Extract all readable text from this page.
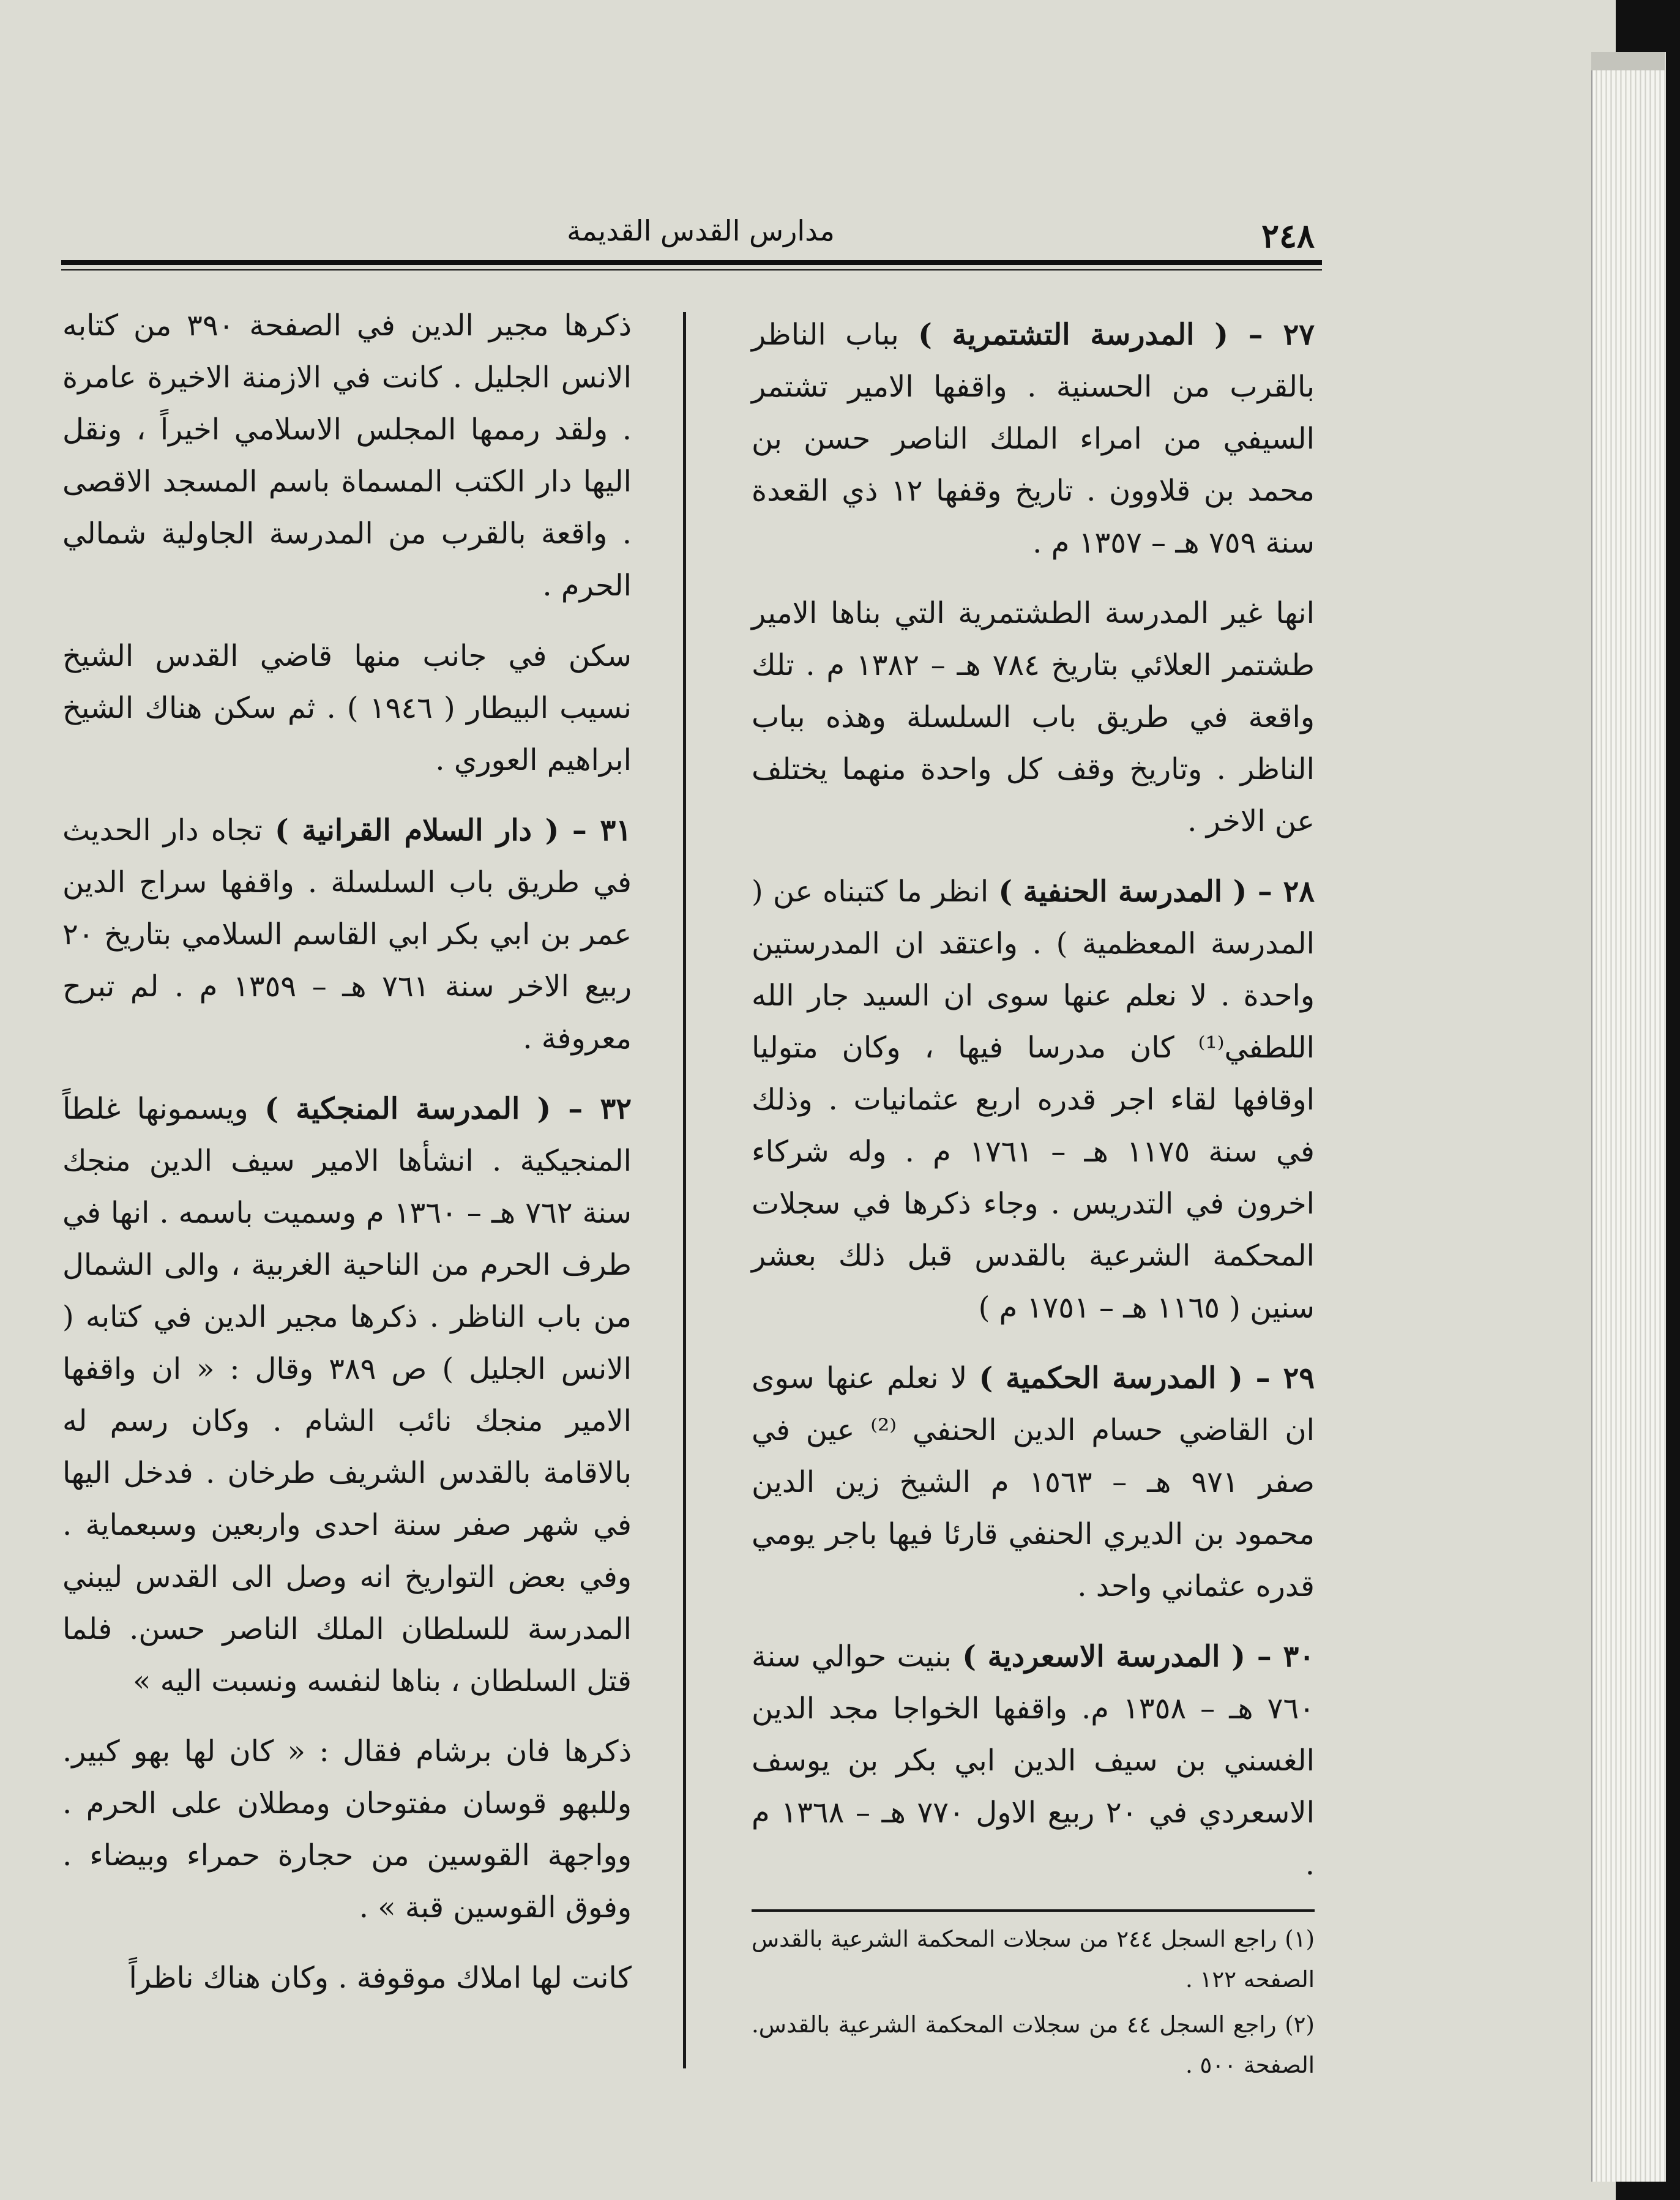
٢٤٨
مدارس القدس القديمة

٢٧ – ( المدرسة التشتمرية ) بباب الناظر بالقرب من الحسنية . واقفها الامير تشتمر السيفي من امراء الملك الناصر حسن بن محمد بن قلاوون . تاريخ وقفها ١٢ ذي القعدة سنة ٧٥٩ هـ – ١٣٥٧ م .

انها غير المدرسة الطشتمرية التي بناها الامير طشتمر العلائي بتاريخ ٧٨٤ هـ – ١٣٨٢ م . تلك واقعة في طريق باب السلسلة وهذه بباب الناظر . وتاريخ وقف كل واحدة منهما يختلف عن الاخر .

٢٨ – ( المدرسة الحنفية ) انظر ما كتبناه عن ( المدرسة المعظمية ) . واعتقد ان المدرستين واحدة . لا نعلم عنها سوى ان السيد جار الله اللطفي⁽¹⁾ كان مدرسا فيها ، وكان متوليا اوقافها لقاء اجر قدره اربع عثمانيات . وذلك في سنة ١١٧٥ هـ – ١٧٦١ م . وله شركاء اخرون في التدريس . وجاء ذكرها في سجلات المحكمة الشرعية بالقدس قبل ذلك بعشر سنين ( ١١٦٥ هـ – ١٧٥١ م )

٢٩ – ( المدرسة الحكمية ) لا نعلم عنها سوى ان القاضي حسام الدين الحنفي ⁽²⁾ عين في صفر ٩٧١ هـ – ١٥٦٣ م الشيخ زين الدين محمود بن الديري الحنفي قارئا فيها باجر يومي قدره عثماني واحد .

٣٠ – ( المدرسة الاسعردية ) بنيت حوالي سنة ٧٦٠ هـ – ١٣٥٨ م. واقفها الخواجا مجد الدين الغسني بن سيف الدين ابي بكر بن يوسف الاسعردي في ٢٠ ربيع الاول ٧٧٠ هـ – ١٣٦٨ م .

(١) راجع السجل ٢٤٤ من سجلات المحكمة الشرعية بالقدس الصفحه ١٢٢ .

(٢) راجع السجل ٤٤ من سجلات المحكمة الشرعية بالقدس. الصفحة ٥٠٠ .

ذكرها مجير الدين في الصفحة ٣٩٠ من كتابه الانس الجليل . كانت في الازمنة الاخيرة عامرة . ولقد رممها المجلس الاسلامي اخيراً ، ونقل اليها دار الكتب المسماة باسم المسجد الاقصى . واقعة بالقرب من المدرسة الجاولية شمالي الحرم .

سكن في جانب منها قاضي القدس الشيخ نسيب البيطار ( ١٩٤٦ ) . ثم سكن هناك الشيخ ابراهيم العوري .

٣١ – ( دار السلام القرانية ) تجاه دار الحديث في طريق باب السلسلة . واقفها سراج الدين عمر بن ابي بكر ابي القاسم السلامي بتاريخ ٢٠ ربيع الاخر سنة ٧٦١ هـ – ١٣٥٩ م . لم تبرح معروفة .

٣٢ – ( المدرسة المنجكية ) ويسمونها غلطاً المنجيكية . انشأها الامير سيف الدين منجك سنة ٧٦٢ هـ – ١٣٦٠ م وسميت باسمه . انها في طرف الحرم من الناحية الغربية ، والى الشمال من باب الناظر . ذكرها مجير الدين في كتابه ( الانس الجليل ) ص ٣٨٩ وقال : « ان واقفها الامير منجك نائب الشام . وكان رسم له بالاقامة بالقدس الشريف طرخان . فدخل اليها في شهر صفر سنة احدى واربعين وسبعماية . وفي بعض التواريخ انه وصل الى القدس ليبني المدرسة للسلطان الملك الناصر حسن. فلما قتل السلطان ، بناها لنفسه ونسبت اليه »

ذكرها فان برشام فقال : « كان لها بهو كبير. وللبهو قوسان مفتوحان ومطلان على الحرم . وواجهة القوسين من حجارة حمراء وبيضاء . وفوق القوسين قبة » .

كانت لها املاك موقوفة . وكان هناك ناظراً
